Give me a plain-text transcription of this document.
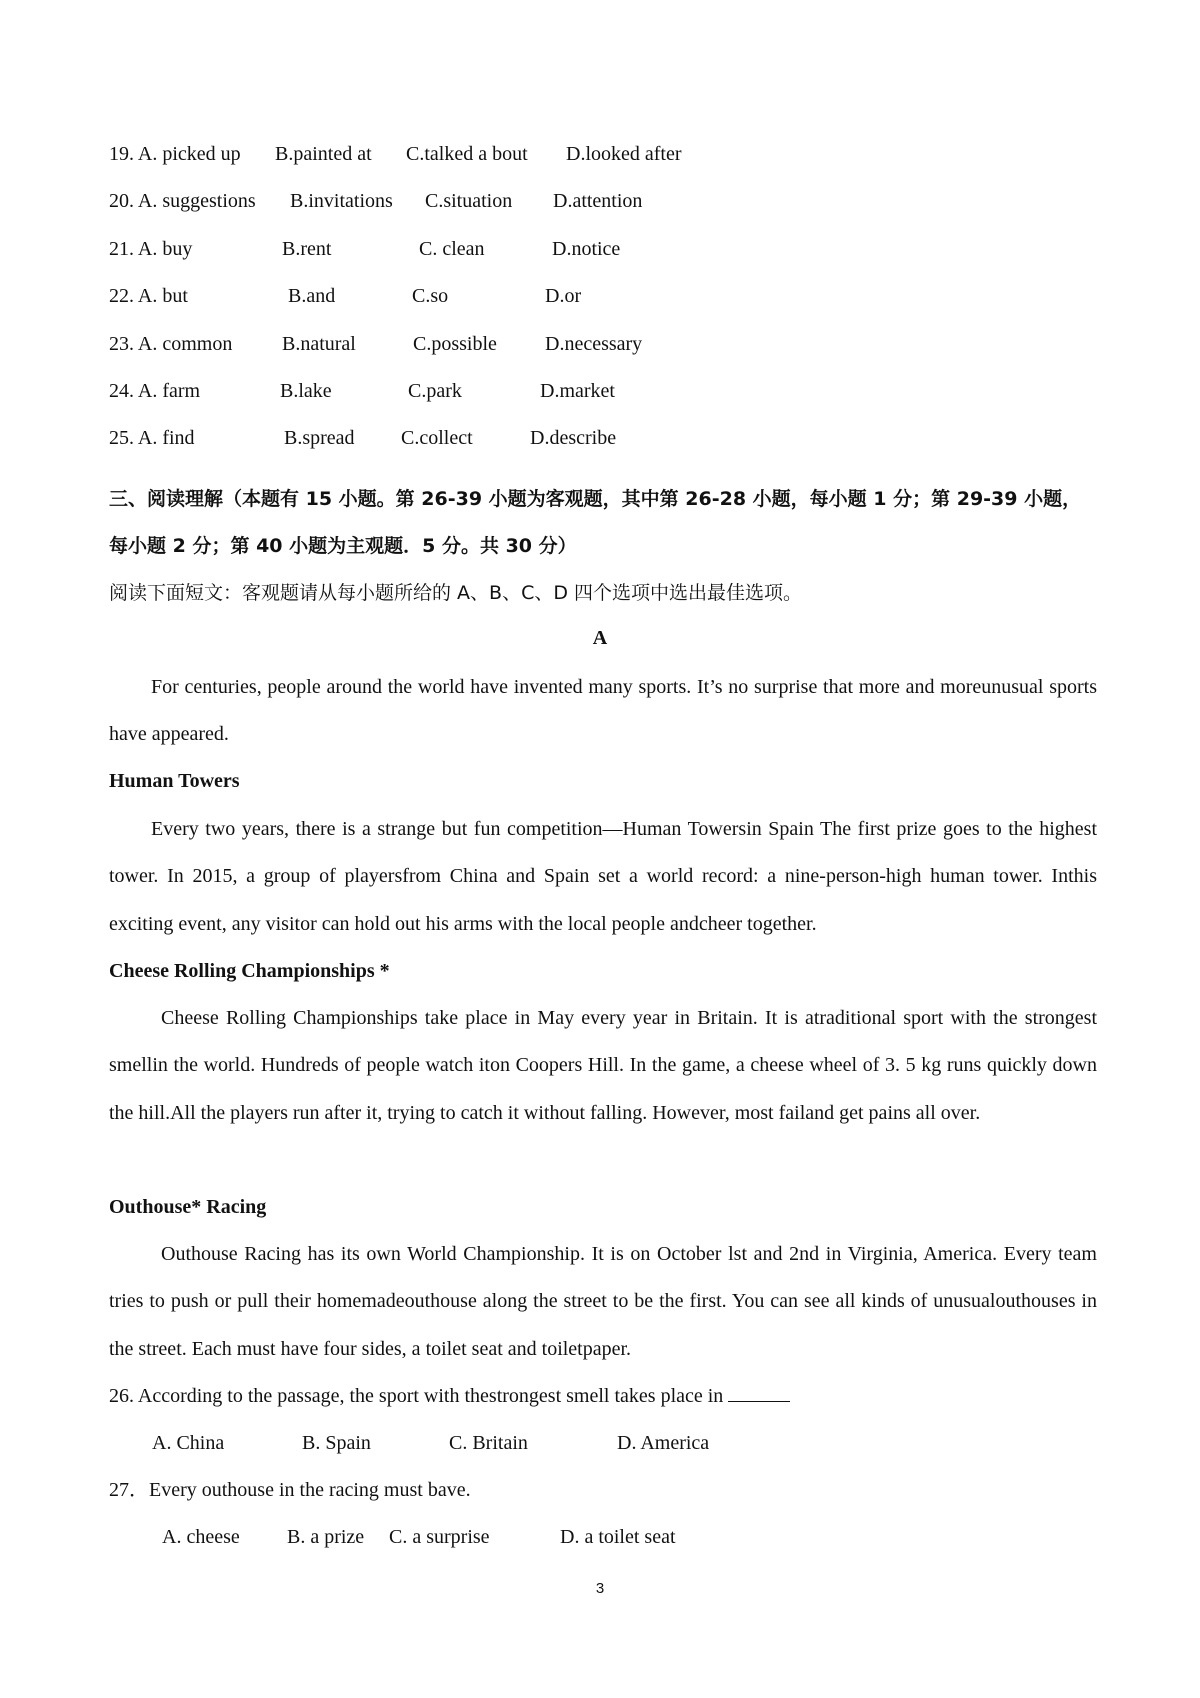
19. A. picked up B.painted at C.talked a bout D.looked after
20. A. suggestions B.invitations C.situation D.attention
21. A. buy	B.rent	C. clean	D.notice
22. A. but	B.and	C.so	D.or
23. A. common B.natural	C.possible D.necessary
24. A. farm	B.lake	C.park	D.market
25. A. find	B.spread C.collect	D.describe
三、阅读理解（本题有 15 小题。第 26-39 小题为客观题，其中第 26-28 小题，每小题 1 分；第 29-39 小题，
每小题 2 分；第 40 小题为主观题．5 分。共 30 分）
阅读下面短文：客观题请从每小题所给的 A、B、C、D 四个选项中选出最佳选项。
A
For centuries, people around the world have invented many sports. It’s no surprise that more and moreunusual sports have appeared.
Human Towers
Every two years, there is a strange but fun competition—Human Towersin Spain The first prize goes to the highest tower. In 2015, a group of playersfrom China and Spain set a world record: a nine-person-high human tower. Inthis exciting event, any visitor can hold out his arms with the local people andcheer together.
Cheese Rolling Championships *
Cheese Rolling Championships take place in May every year in Britain. It is atraditional sport with the strongest smellin the world. Hundreds of people watch iton Coopers Hill. In the game, a cheese wheel of 3. 5 kg runs quickly down the hill.All the players run after it, trying to catch it without falling. However, most failand get pains all over.
Outhouse* Racing
Outhouse Racing has its own World Championship. It is on October lst and 2nd in Virginia, America. Every team tries to push or pull their homemadeouthouse along the street to be the first. You can see all kinds of unusualouthouses in the street. Each must have four sides, a toilet seat and toiletpaper.
26. According to the passage, the sport with thestrongest smell takes place in
A. China	B. Spain	C. Britain	D. America
27．Every outhouse in the racing must bave.
A. cheese B. a prize C. a surprise	D. a toilet seat
3
